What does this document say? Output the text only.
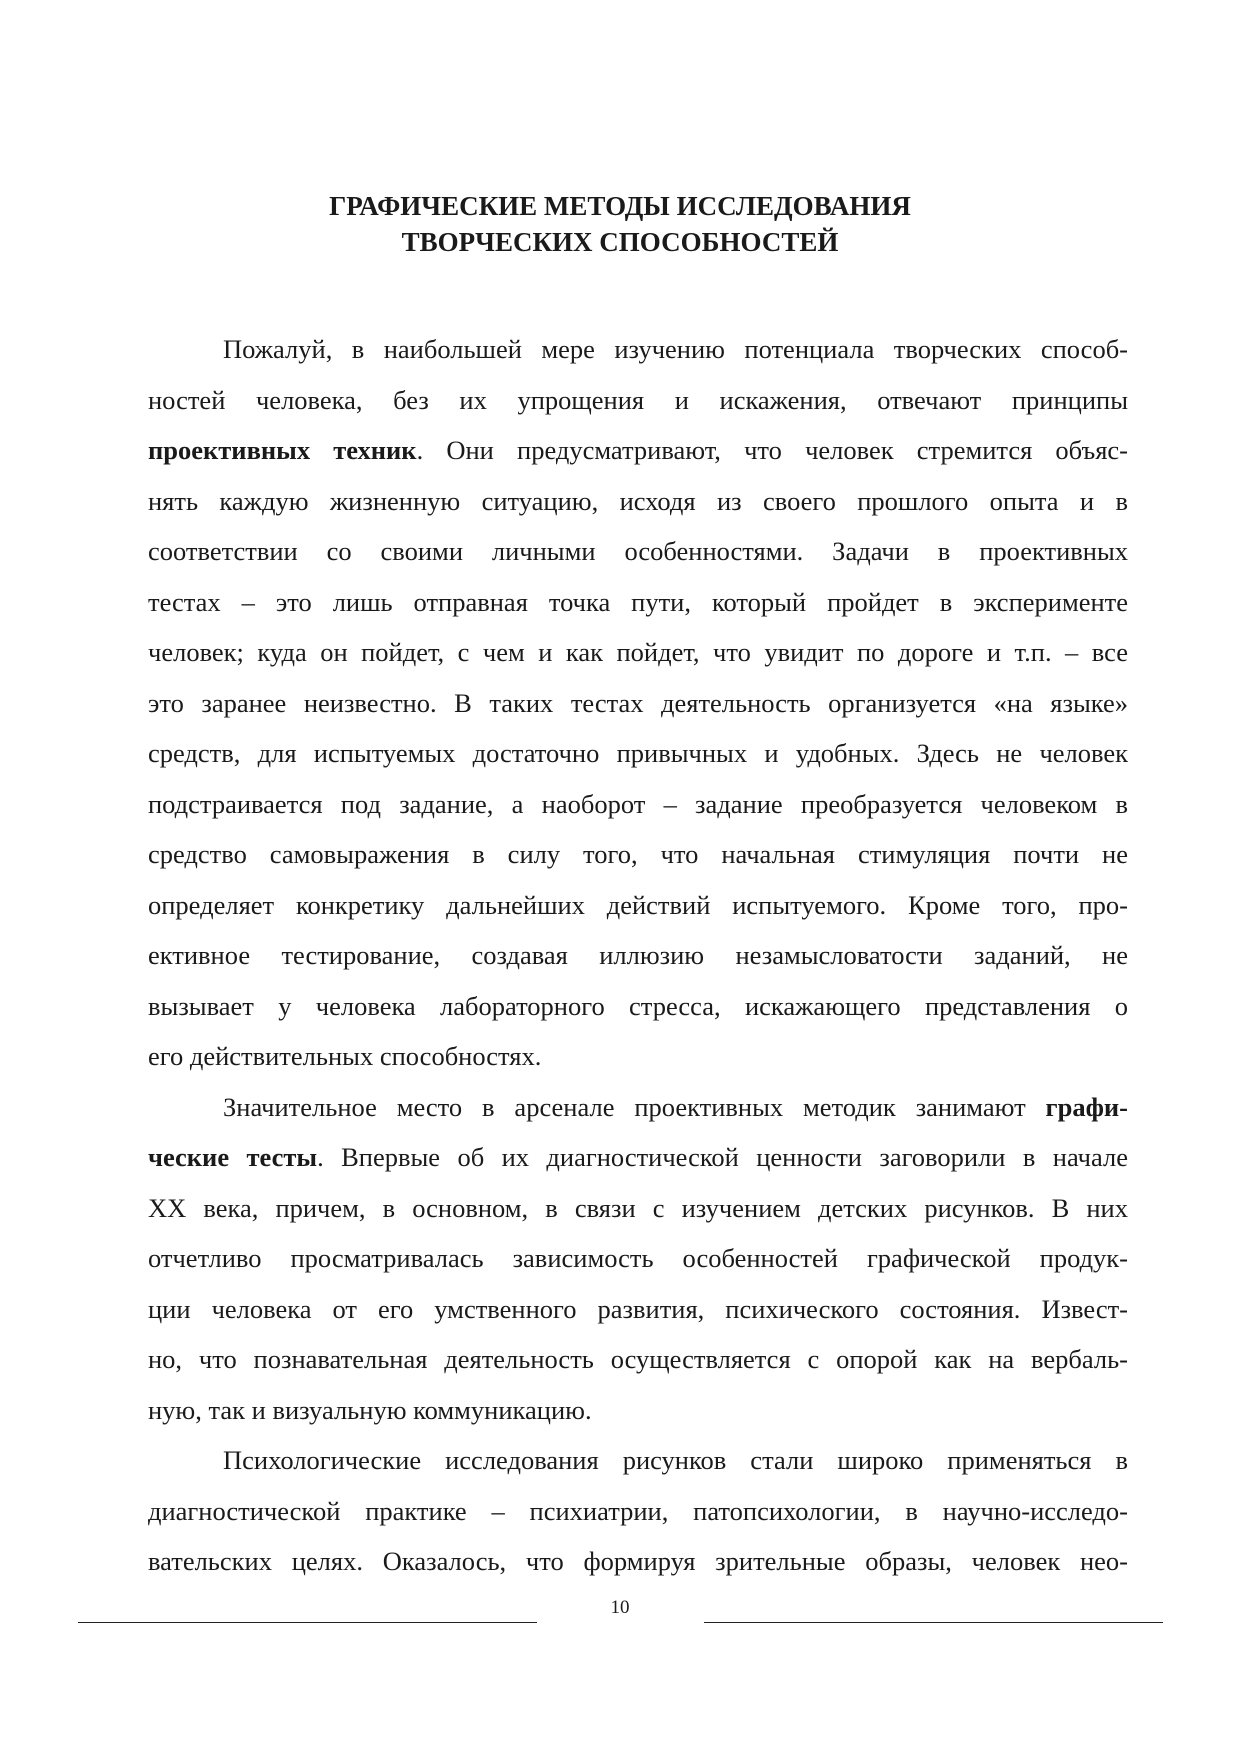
ГРАФИЧЕСКИЕ МЕТОДЫ ИССЛЕДОВАНИЯ
ТВОРЧЕСКИХ СПОСОБНОСТЕЙ

Пожалуй, в наибольшей мере изучению потенциала творческих способ-
ностей человека, без их упрощения и искажения, отвечают принципы
проективных техник. Они предусматривают, что человек стремится объяс-
нять каждую жизненную ситуацию, исходя из своего прошлого опыта и в
соответствии со своими личными особенностями. Задачи в проективных
тестах – это лишь отправная точка пути, который пройдет в эксперименте
человек; куда он пойдет, с чем и как пойдет, что увидит по дороге и т.п. – все
это заранее неизвестно. В таких тестах деятельность организуется «на языке»
средств, для испытуемых достаточно привычных и удобных. Здесь не человек
подстраивается под задание, а наоборот – задание преобразуется человеком в
средство самовыражения в силу того, что начальная стимуляция почти не
определяет конкретику дальнейших действий испытуемого. Кроме того, про-
ективное тестирование, создавая иллюзию незамысловатости заданий, не
вызывает у человека лабораторного стресса, искажающего представления о
его действительных способностях.

Значительное место в арсенале проективных методик занимают графи-
ческие тесты. Впервые об их диагностической ценности заговорили в начале
XX века, причем, в основном, в связи с изучением детских рисунков. В них
отчетливо просматривалась зависимость особенностей графической продук-
ции человека от его умственного развития, психического состояния. Извест-
но, что познавательная деятельность осуществляется с опорой как на вербаль-
ную, так и визуальную коммуникацию.

Психологические исследования рисунков стали широко применяться в
диагностической практике – психиатрии, патопсихологии, в научно-исследо-
вательских целях. Оказалось, что формируя зрительные образы, человек нео-

10
